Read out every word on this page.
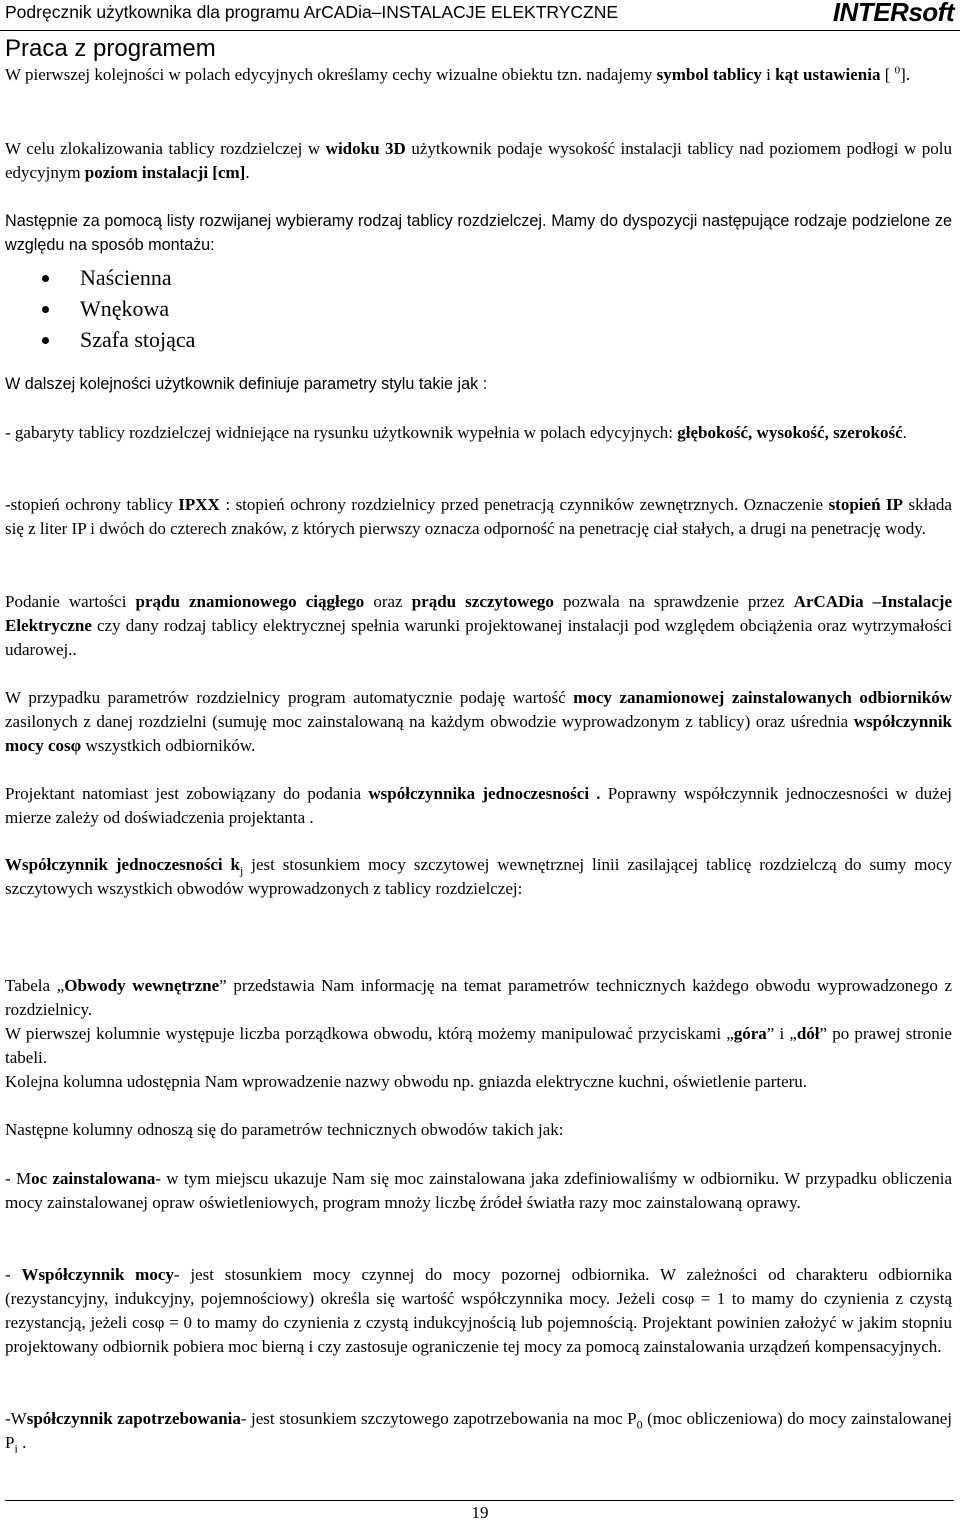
Podręcznik użytkownika dla programu ArCADia–INSTALACJE ELEKTRYCZNE	INTERsoft
Praca z programem

W pierwszej kolejności w polach edycyjnych określamy cechy wizualne obiektu tzn. nadajemy symbol tablicy i kąt ustawienia [ $^0$].

W celu zlokalizowania tablicy rozdzielczej w widoku 3D użytkownik podaje wysokość instalacji tablicy nad poziomem podłogi w polu edycyjnym poziom instalacji [cm].

Następnie za pomocą listy rozwijanej wybieramy rodzaj tablicy rozdzielczej. Mamy do dyspozycji następujące rodzaje podzielone ze względu na sposób montażu:

Naścienna
Wnękowa
Szafa stojąca

W dalszej kolejności użytkownik definiuje parametry stylu takie jak :

- gabaryty tablicy rozdzielczej widniejące na rysunku użytkownik wypełnia w polach edycyjnych: głębokość, wysokość, szerokość.

-stopień ochrony tablicy IPXX : stopień ochrony rozdzielnicy przed penetracją czynników zewnętrznych. Oznaczenie stopień IP składa się z liter IP i dwóch do czterech znaków, z których pierwszy oznacza odporność na penetrację ciał stałych, a drugi na penetrację wody.

Podanie wartości prądu znamionowego ciągłego oraz prądu szczytowego pozwala na sprawdzenie przez ArCADia –Instalacje Elektryczne czy dany rodzaj tablicy elektrycznej spełnia warunki projektowanej instalacji pod względem obciążenia oraz wytrzymałości udarowej..

W przypadku parametrów rozdzielnicy program automatycznie podaję wartość mocy zanamionowej zainstalowanych odbiorników zasilonych z danej rozdzielni (sumuję moc zainstalowaną na każdym obwodzie wyprowadzonym z tablicy) oraz uśrednia współczynnik mocy cosφ wszystkich odbiorników.

Projektant natomiast jest zobowiązany do podania współczynnika jednoczesności . Poprawny współczynnik jednoczesności w dużej mierze zależy od doświadczenia projektanta .

Współczynnik jednoczesności $k_j$ jest stosunkiem mocy szczytowej wewnętrznej linii zasilającej tablicę rozdzielczą do sumy mocy szczytowych wszystkich obwodów wyprowadzonych z tablicy rozdzielczej:

Tabela „Obwody wewnętrzne” przedstawia Nam informację na temat parametrów technicznych każdego obwodu wyprowadzonego z rozdzielnicy.

W pierwszej kolumnie występuje liczba porządkowa obwodu, którą możemy manipulować przyciskami „góra” i „dół” po prawej stronie tabeli.

Kolejna kolumna udostępnia Nam wprowadzenie nazwy obwodu np. gniazda elektryczne kuchni, oświetlenie parteru.

Następne kolumny odnoszą się do parametrów technicznych obwodów takich jak:

- Moc zainstalowana- w tym miejscu ukazuje Nam się moc zainstalowana jaka zdefiniowaliśmy w odbiorniku. W przypadku obliczenia mocy zainstalowanej opraw oświetleniowych, program mnoży liczbę źródeł światła razy moc zainstalowaną oprawy.

- Współczynnik mocy- jest stosunkiem mocy czynnej do mocy pozornej odbiornika. W zależności od charakteru odbiornika (rezystancyjny, indukcyjny, pojemnościowy) określa się wartość współczynnika mocy. Jeżeli cosφ = 1 to mamy do czynienia z czystą rezystancją, jeżeli cosφ = 0 to mamy do czynienia z czystą indukcyjnością lub pojemnością. Projektant powinien założyć w jakim stopniu projektowany odbiornik pobiera moc bierną i czy zastosuje ograniczenie tej mocy za pomocą zainstalowania urządzeń kompensacyjnych.

-Współczynnik zapotrzebowania- jest stosunkiem szczytowego zapotrzebowania na moc $P_0$ (moc obliczeniowa) do mocy zainstalowanej $P_i$ .

19
